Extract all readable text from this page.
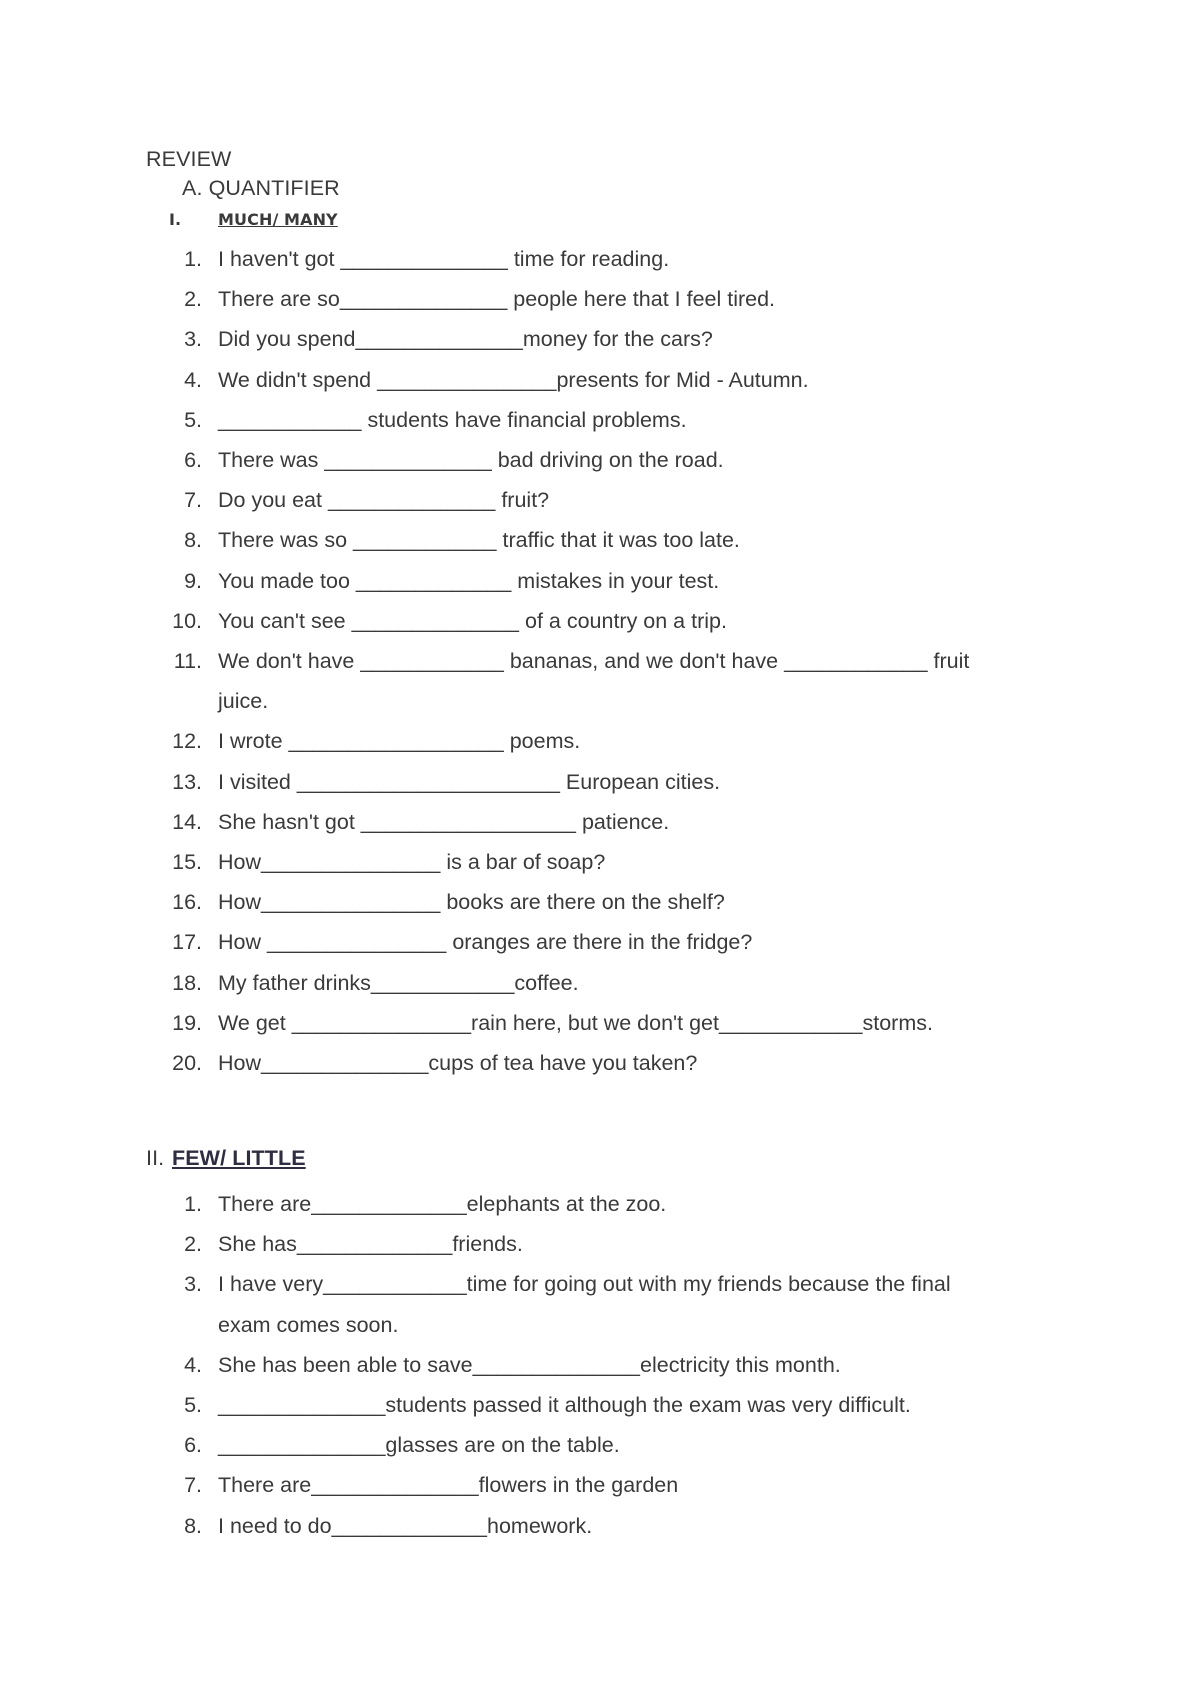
REVIEW
A. QUANTIFIER
I. MUCH/ MANY
1. I haven't got ______________ time for reading.
2. There are so______________ people here that I feel tired.
3. Did you spend______________money for the cars?
4. We didn't spend _______________presents for Mid - Autumn.
5. ____________ students have financial problems.
6. There was ______________ bad driving on the road.
7. Do you eat ______________ fruit?
8. There was so ____________ traffic that it was too late.
9. You made too _____________ mistakes in your test.
10. You can't see ______________ of a country on a trip.
11. We don't have ____________ bananas, and we don't have ____________ fruit
juice.
12. I wrote __________________ poems.
13. I visited ______________________ European cities.
14. She hasn't got __________________ patience.
15. How_______________ is a bar of soap?
16. How_______________ books are there on the shelf?
17. How _______________ oranges are there in the fridge?
18. My father drinks____________coffee.
19. We get _______________rain here, but we don't get____________storms.
20. How______________cups of tea have you taken?
II. FEW/ LITTLE
1. There are_____________elephants at the zoo.
2. She has_____________friends.
3. I have very____________time for going out with my friends because the final
exam comes soon.
4. She has been able to save______________electricity this month.
5. ______________students passed it although the exam was very difficult.
6. ______________glasses are on the table.
7. There are______________flowers in the garden
8. I need to do_____________homework.
